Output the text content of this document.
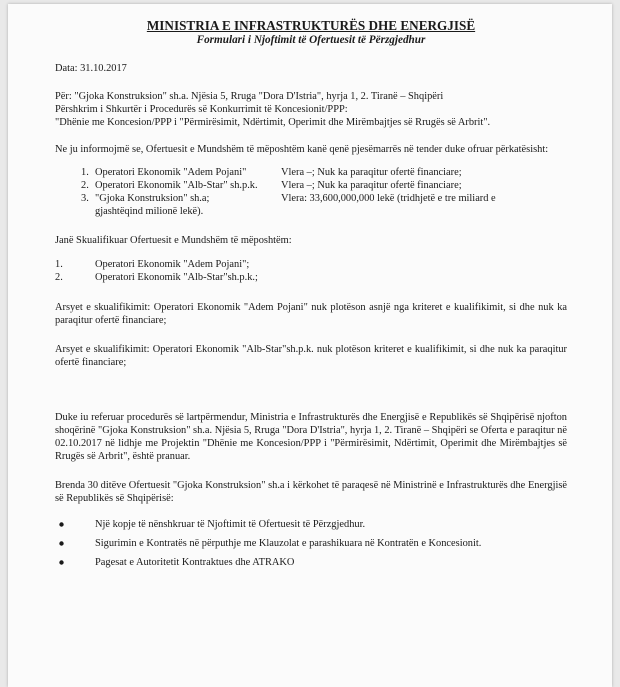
MINISTRIA E INFRASTRUKTURËS DHE ENERGJISË

Formulari i Njoftimit të Ofertuesit të Përzgjedhur

Data: 31.10.2017

Për: "Gjoka Konstruksion" sh.a. Njësia 5, Rruga "Dora D'Istria", hyrja 1, 2. Tiranë – Shqipëri

Përshkrim i Shkurtër i Procedurës së Konkurrimit të Koncesionit/PPP:

"Dhënie me Koncesion/PPP i "Përmirësimit, Ndërtimit, Operimit dhe Mirëmbajtjes së Rrugës së Arbrit".

Ne ju informojmë se, Ofertuesit e Mundshëm të mëposhtëm kanë qenë pjesëmarrës në tender duke ofruar përkatësisht:

1. Operatori Ekonomik "Adem Pojani"	Vlera –; Nuk ka paraqitur ofertë financiare;
2. Operatori Ekonomik "Alb-Star" sh.p.k.	Vlera –; Nuk ka paraqitur ofertë financiare;
3. "Gjoka Konstruksion" sh.a;	Vlera: 33,600,000,000 lekë (tridhjetë e tre miliard e

gjashtëqind milionë lekë).

Janë Skualifikuar Ofertuesit e Mundshëm të mëposhtëm:

1.	Operatori Ekonomik "Adem Pojani";
2.	Operatori Ekonomik "Alb-Star"sh.p.k.;

Arsyet e skualifikimit: Operatori Ekonomik "Adem Pojani" nuk plotëson asnjë nga kriteret e kualifikimit, si dhe nuk ka paraqitur ofertë financiare;

Arsyet e skualifikimit: Operatori Ekonomik "Alb-Star"sh.p.k. nuk plotëson kriteret e kualifikimit, si dhe nuk ka paraqitur ofertë financiare;

Duke iu referuar procedurës së lartpërmendur, Ministria e Infrastrukturës dhe Energjisë e Republikës së Shqipërisë njofton shoqërinë "Gjoka Konstruksion" sh.a. Njësia 5, Rruga "Dora D'Istria", hyrja 1, 2. Tiranë – Shqipëri se Oferta e paraqitur në 02.10.2017 në lidhje me Projektin "Dhënie me Koncesion/PPP i "Përmirësimit, Ndërtimit, Operimit dhe Mirëmbajtjes së Rrugës së Arbrit", është pranuar.

Brenda 30 ditëve Ofertuesit "Gjoka Konstruksion" sh.a i kërkohet të paraqesë në Ministrinë e Infrastrukturës dhe Energjisë së Republikës së Shqipërisë:

Një kopje të nënshkruar të Njoftimit të Ofertuesit të Përzgjedhur.
Sigurimin e Kontratës në përputhje me Klauzolat e parashikuara në Kontratën e Koncesionit.
Pagesat e Autoritetit Kontraktues dhe ATRAKO
